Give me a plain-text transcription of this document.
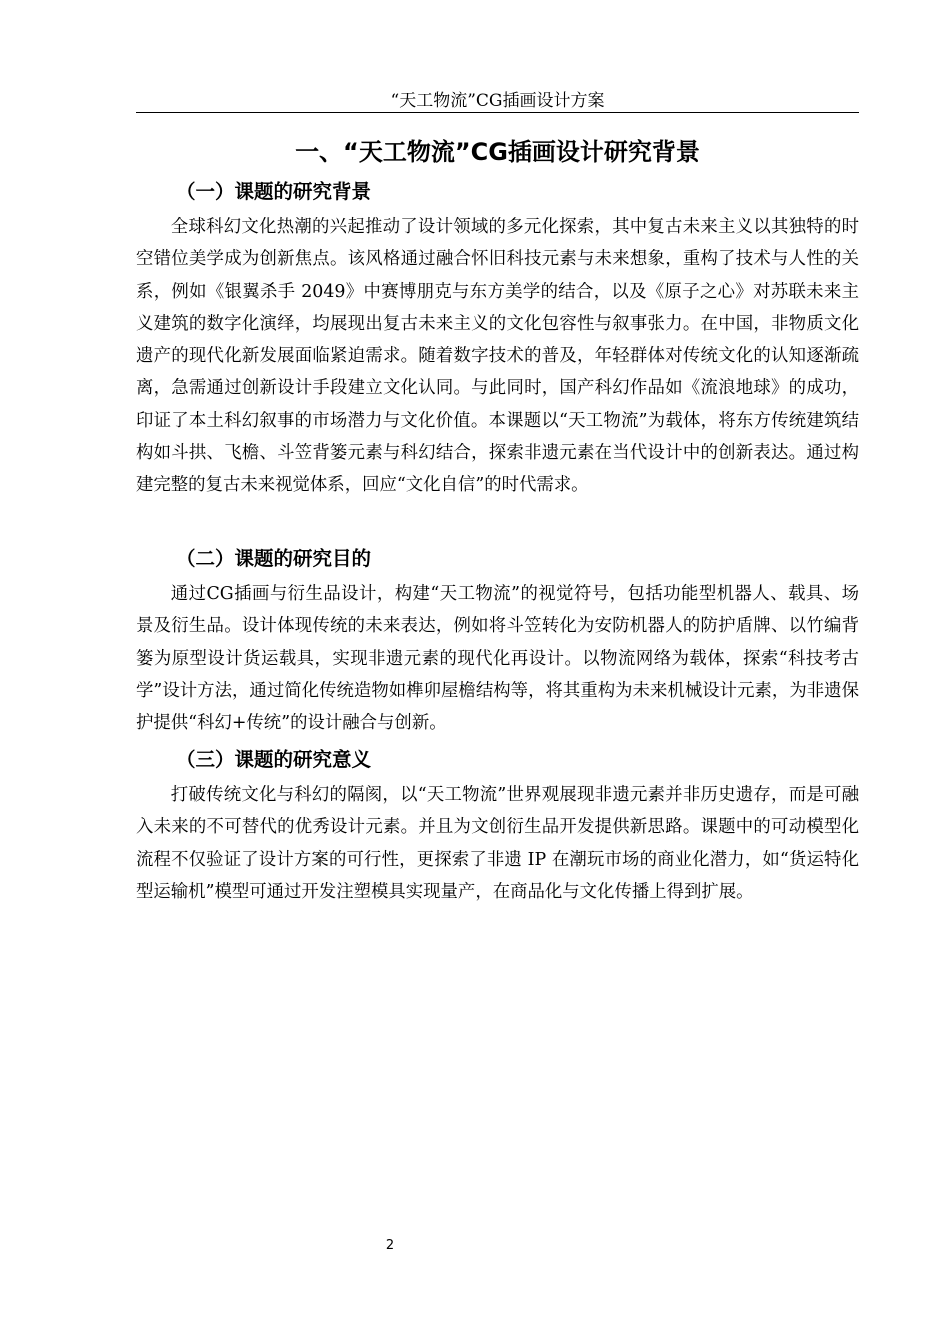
“天工物流”CG插画设计方案
一、“天工物流”CG插画设计研究背景
（一）课题的研究背景

全球科幻文化热潮的兴起推动了设计领域的多元化探索，其中复古未来主义以其独特的时空错位美学成为创新焦点。该风格通过融合怀旧科技元素与未来想象，重构了技术与人性的关系，例如《银翼杀手 2049》中赛博朋克与东方美学的结合，以及《原子之心》对苏联未来主义建筑的数字化演绎，均展现出复古未来主义的文化包容性与叙事张力。在中国，非物质文化遗产的现代化新发展面临紧迫需求。随着数字技术的普及，年轻群体对传统文化的认知逐渐疏离，急需通过创新设计手段建立文化认同。与此同时，国产科幻作品如《流浪地球》的成功，印证了本土科幻叙事的市场潜力与文化价值。本课题以“天工物流”为载体，将东方传统建筑结构如斗拱、飞檐、斗笠背篓元素与科幻结合，探索非遗元素在当代设计中的创新表达。通过构建完整的复古未来视觉体系，回应“文化自信”的时代需求。

（二）课题的研究目的

通过CG插画与衍生品设计，构建“天工物流”的视觉符号，包括功能型机器人、载具、场景及衍生品。设计体现传统的未来表达，例如将斗笠转化为安防机器人的防护盾牌、以竹编背篓为原型设计货运载具，实现非遗元素的现代化再设计。以物流网络为载体，探索“科技考古学”设计方法，通过简化传统造物如榫卯屋檐结构等，将其重构为未来机械设计元素，为非遗保护提供“科幻+传统”的设计融合与创新。

（三）课题的研究意义

打破传统文化与科幻的隔阂，以“天工物流”世界观展现非遗元素并非历史遗存，而是可融入未来的不可替代的优秀设计元素。并且为文创衍生品开发提供新思路。课题中的可动模型化流程不仅验证了设计方案的可行性，更探索了非遗 IP 在潮玩市场的商业化潜力，如“货运特化型运输机”模型可通过开发注塑模具实现量产，在商品化与文化传播上得到扩展。

2
